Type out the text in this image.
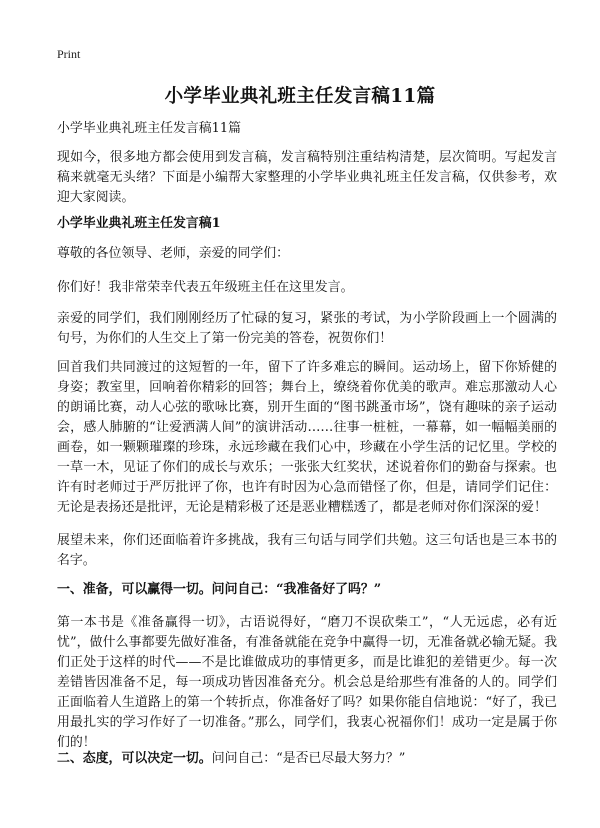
Print
小学毕业典礼班主任发言稿11篇

小学毕业典礼班主任发言稿11篇

现如今，很多地方都会使用到发言稿，发言稿特别注重结构清楚，层次简明。写起发言稿来就毫无头绪？下面是小编帮大家整理的小学毕业典礼班主任发言稿，仅供参考，欢迎大家阅读。

小学毕业典礼班主任发言稿1

尊敬的各位领导、老师，亲爱的同学们：

你们好！我非常荣幸代表五年级班主任在这里发言。

亲爱的同学们，我们刚刚经历了忙碌的复习，紧张的考试，为小学阶段画上一个圆满的句号，为你们的人生交上了第一份完美的答卷，祝贺你们！

回首我们共同渡过的这短暂的一年，留下了许多难忘的瞬间。运动场上，留下你矫健的身姿；教室里，回响着你精彩的回答；舞台上，缭绕着你优美的歌声。难忘那激动人心的朗诵比赛，动人心弦的歌咏比赛，别开生面的“图书跳蚤市场”，饶有趣味的亲子运动会，感人肺腑的“让爱洒满人间”的演讲活动……往事一桩桩，一幕幕，如一幅幅美丽的画卷，如一颗颗璀璨的珍珠，永远珍藏在我们心中，珍藏在小学生活的记忆里。学校的一草一木，见证了你们的成长与欢乐；一张张大红奖状，述说着你们的勤奋与探索。也许有时老师过于严厉批评了你，也许有时因为心急而错怪了你，但是，请同学们记住：无论是表扬还是批评，无论是精彩极了还是恶业糟糕透了，都是老师对你们深深的爱！

展望未来，你们还面临着许多挑战，我有三句话与同学们共勉。这三句话也是三本书的名字。

一、准备，可以赢得一切。问问自己：“我准备好了吗？”

第一本书是《准备赢得一切》，古语说得好，“磨刀不误砍柴工”，“人无远虑，必有近忧”，做什么事都要先做好准备，有准备就能在竞争中赢得一切，无准备就必输无疑。我们正处于这样的时代——不是比谁做成功的事情更多，而是比谁犯的差错更少。每一次差错皆因准备不足，每一项成功皆因准备充分。机会总是给那些有准备的人的。同学们正面临着人生道路上的第一个转折点，你准备好了吗？如果你能自信地说：“好了，我已用最扎实的学习作好了一切准备。”那么，同学们，我衷心祝福你们！成功一定是属于你们的！

二、态度，可以决定一切。问问自己：“是否已尽最大努力？”
